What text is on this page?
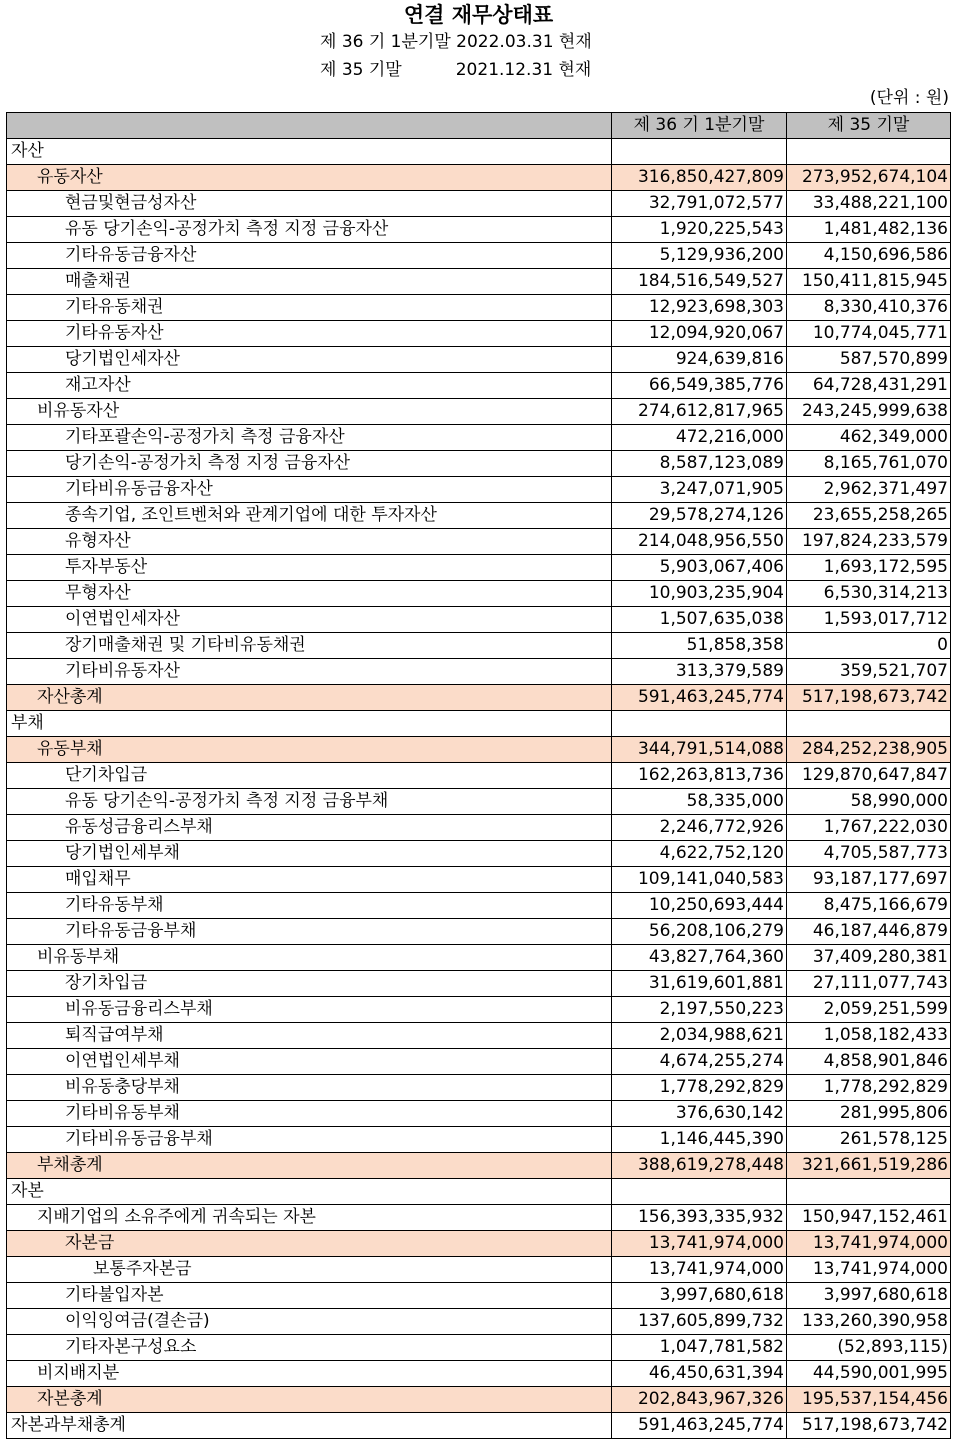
연결 재무상태표
제 36 기 1분기말 2022.03.31 현재
제 35 기말          2021.12.31 현재
(단위 : 원)
	제 36 기 1분기말	제 35 기말
자산		
유동자산	316,850,427,809	273,952,674,104
현금및현금성자산	32,791,072,577	33,488,221,100
유동 당기손익-공정가치 측정 지정 금융자산	1,920,225,543	1,481,482,136
기타유동금융자산	5,129,936,200	4,150,696,586
매출채권	184,516,549,527	150,411,815,945
기타유동채권	12,923,698,303	8,330,410,376
기타유동자산	12,094,920,067	10,774,045,771
당기법인세자산	924,639,816	587,570,899
재고자산	66,549,385,776	64,728,431,291
비유동자산	274,612,817,965	243,245,999,638
기타포괄손익-공정가치 측정 금융자산	472,216,000	462,349,000
당기손익-공정가치 측정 지정 금융자산	8,587,123,089	8,165,761,070
기타비유동금융자산	3,247,071,905	2,962,371,497
종속기업, 조인트벤처와 관계기업에 대한 투자자산	29,578,274,126	23,655,258,265
유형자산	214,048,956,550	197,824,233,579
투자부동산	5,903,067,406	1,693,172,595
무형자산	10,903,235,904	6,530,314,213
이연법인세자산	1,507,635,038	1,593,017,712
장기매출채권 및 기타비유동채권	51,858,358	0
기타비유동자산	313,379,589	359,521,707
자산총계	591,463,245,774	517,198,673,742
부채		
유동부채	344,791,514,088	284,252,238,905
단기차입금	162,263,813,736	129,870,647,847
유동 당기손익-공정가치 측정 지정 금융부채	58,335,000	58,990,000
유동성금융리스부채	2,246,772,926	1,767,222,030
당기법인세부채	4,622,752,120	4,705,587,773
매입채무	109,141,040,583	93,187,177,697
기타유동부채	10,250,693,444	8,475,166,679
기타유동금융부채	56,208,106,279	46,187,446,879
비유동부채	43,827,764,360	37,409,280,381
장기차입금	31,619,601,881	27,111,077,743
비유동금융리스부채	2,197,550,223	2,059,251,599
퇴직급여부채	2,034,988,621	1,058,182,433
이연법인세부채	4,674,255,274	4,858,901,846
비유동충당부채	1,778,292,829	1,778,292,829
기타비유동부채	376,630,142	281,995,806
기타비유동금융부채	1,146,445,390	261,578,125
부채총계	388,619,278,448	321,661,519,286
자본		
지배기업의 소유주에게 귀속되는 자본	156,393,335,932	150,947,152,461
자본금	13,741,974,000	13,741,974,000
보통주자본금	13,741,974,000	13,741,974,000
기타불입자본	3,997,680,618	3,997,680,618
이익잉여금(결손금)	137,605,899,732	133,260,390,958
기타자본구성요소	1,047,781,582	(52,893,115)
비지배지분	46,450,631,394	44,590,001,995
자본총계	202,843,967,326	195,537,154,456
자본과부채총계	591,463,245,774	517,198,673,742
